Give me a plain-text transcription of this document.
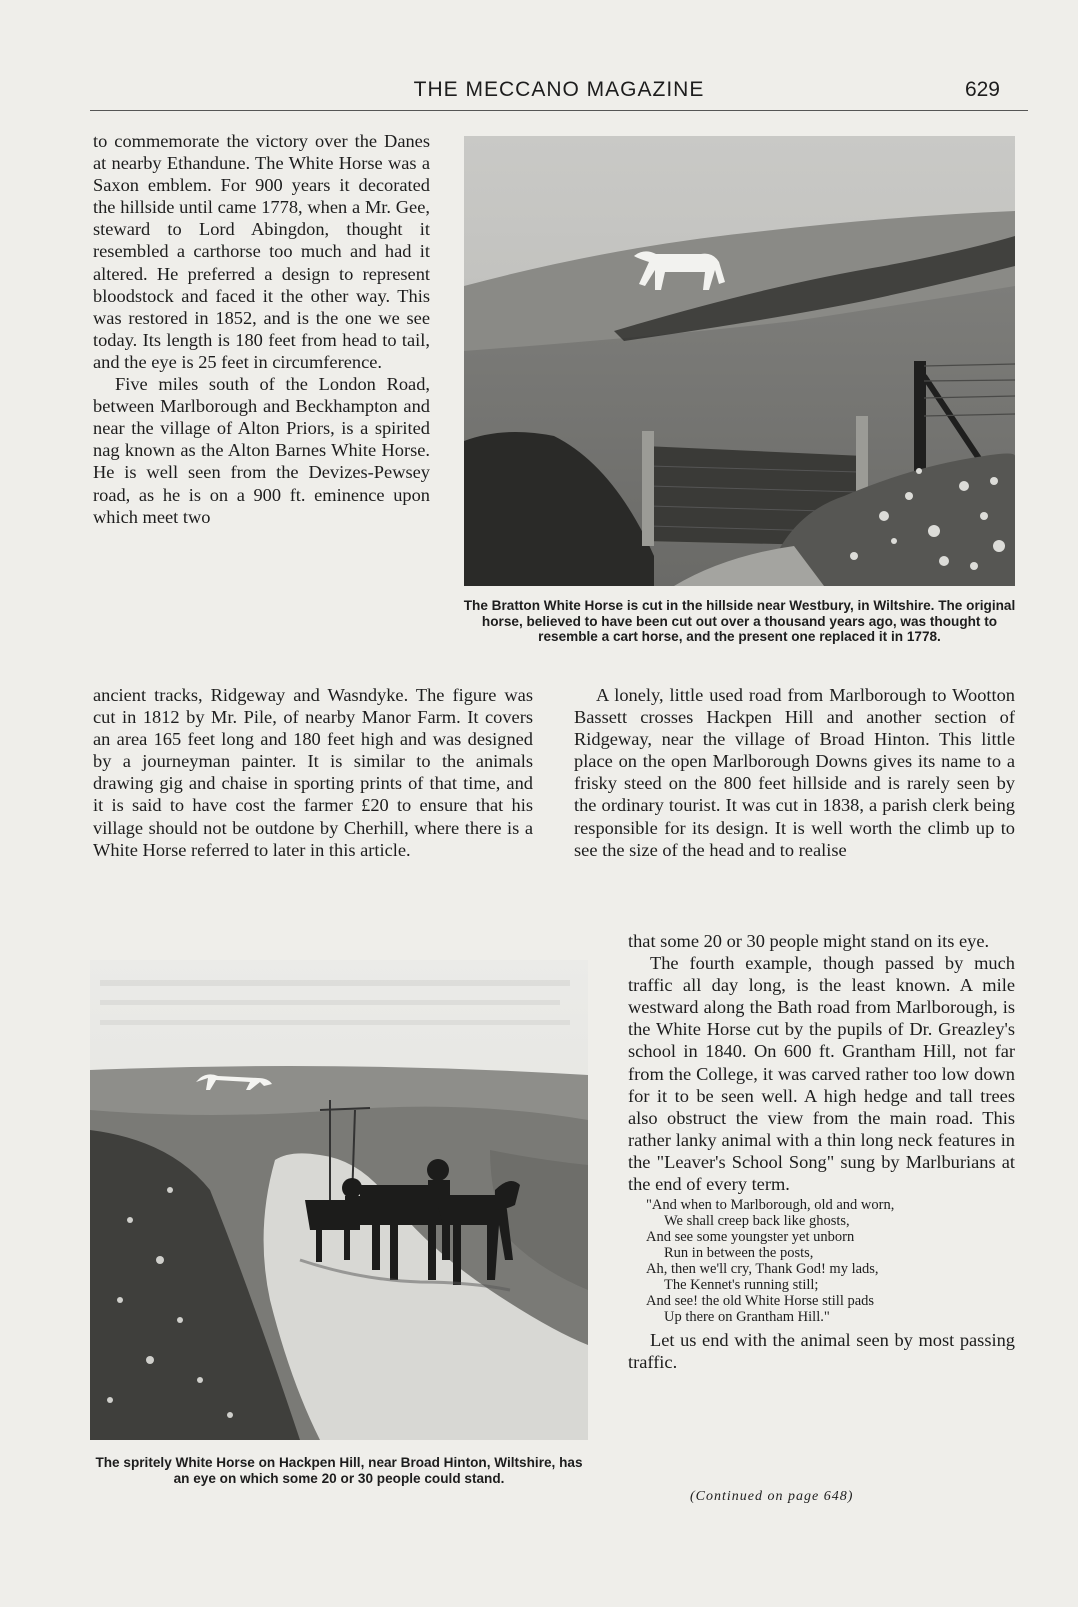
THE MECCANO MAGAZINE	629

to commemorate the victory over the Danes at nearby Ethandune. The White Horse was a Saxon emblem. For 900 years it decorated the hillside until came 1778, when a Mr. Gee, steward to Lord Abingdon, thought it resembled a carthorse too much and had it altered. He preferred a design to represent bloodstock and faced it the other way. This was restored in 1852, and is the one we see today. Its length is 180 feet from head to tail, and the eye is 25 feet in circumference.

Five miles south of the London Road, between Marlborough and Beckhampton and near the village of Alton Priors, is a spirited nag known as the Alton Barnes White Horse. He is well seen from the Devizes-Pewsey road, as he is on a 900 ft. eminence upon which meet two

ancient tracks, Ridgeway and Wasndyke. The figure was cut in 1812 by Mr. Pile, of nearby Manor Farm. It covers an area 165 feet long and 180 feet high and was designed by a journeyman painter. It is similar to the animals drawing gig and chaise in sporting prints of that time, and it is said to have cost the farmer £20 to ensure that his village should not be outdone by Cherhill, where there is a White Horse referred to later in this article.

The Bratton White Horse is cut in the hillside near Westbury, in Wiltshire. The original horse, believed to have been cut out over a thousand years ago, was thought to resemble a cart horse, and the present one replaced it in 1778.

A lonely, little used road from Marlborough to Wootton Bassett crosses Hackpen Hill and another section of Ridgeway, near the village of Broad Hinton. This little place on the open Marlborough Downs gives its name to a frisky steed on the 800 feet hillside and is rarely seen by the ordinary tourist. It was cut in 1838, a parish clerk being responsible for its design. It is well worth the climb up to see the size of the head and to realise

The spritely White Horse on Hackpen Hill, near Broad Hinton, Wiltshire, has an eye on which some 20 or 30 people could stand.

that some 20 or 30 people might stand on its eye.

The fourth example, though passed by much traffic all day long, is the least known. A mile westward along the Bath road from Marlborough, is the White Horse cut by the pupils of Dr. Greazley's school in 1840. On 600 ft. Grantham Hill, not far from the College, it was carved rather too low down for it to be seen well. A high hedge and tall trees also obstruct the view from the main road. This rather lanky animal with a thin long neck features in the "Leaver's School Song" sung by Marlburians at the end of every term.

"And when to Marlborough, old and worn,
We shall creep back like ghosts,
And see some youngster yet unborn
Run in between the posts,
Ah, then we'll cry, Thank God! my lads,
The Kennet's running still;
And see! the old White Horse still pads
Up there on Grantham Hill."

Let us end with the animal seen by most passing traffic.

(Continued on page 648)
